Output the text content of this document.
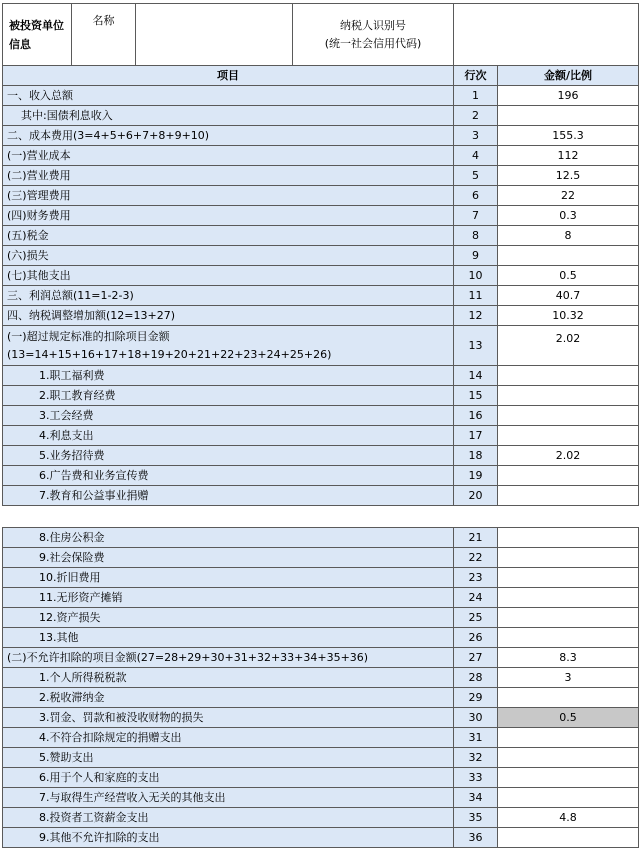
被投资单位信息	名称		纳税人识别号
(统一社会信用代码)		

项目				行次	金额/比例
一、收入总额				1	196
其中:国债利息收入				2	
二、成本费用(3=4+5+6+7+8+9+10)				3	155.3
(一)营业成本				4	112
(二)营业费用				5	12.5
(三)管理费用				6	22
(四)财务费用				7	0.3
(五)税金				8	8
(六)损失				9	
(七)其他支出				10	0.5
三、利润总额(11=1-2-3)				11	40.7
四、纳税调整增加额(12=13+27)				12	10.32

(一)超过规定标准的扣除项目金额
(13=14+15+16+17+18+19+20+21+22+23+24+25+26)				13	2.02
1.职工福利费				14	
2.职工教育经费				15	
3.工会经费				16	
4.利息支出				17	
5.业务招待费				18	2.02
6.广告费和业务宣传费				19	
7.教育和公益事业捐赠				20	
8.住房公积金	21	
9.社会保险费	22	
10.折旧费用	23	
11.无形资产摊销	24	
12.资产损失	25	
13.其他	26	
(二)不允许扣除的项目金额(27=28+29+30+31+32+33+34+35+36)	27	8.3
1.个人所得税税款	28	3
2.税收滞纳金	29	
3.罚金、罚款和被没收财物的损失	30	0.5
4.不符合扣除规定的捐赠支出	31	
5.赞助支出	32	
6.用于个人和家庭的支出	33	
7.与取得生产经营收入无关的其他支出	34	
8.投资者工资薪金支出	35	4.8
9.其他不允许扣除的支出	36	
